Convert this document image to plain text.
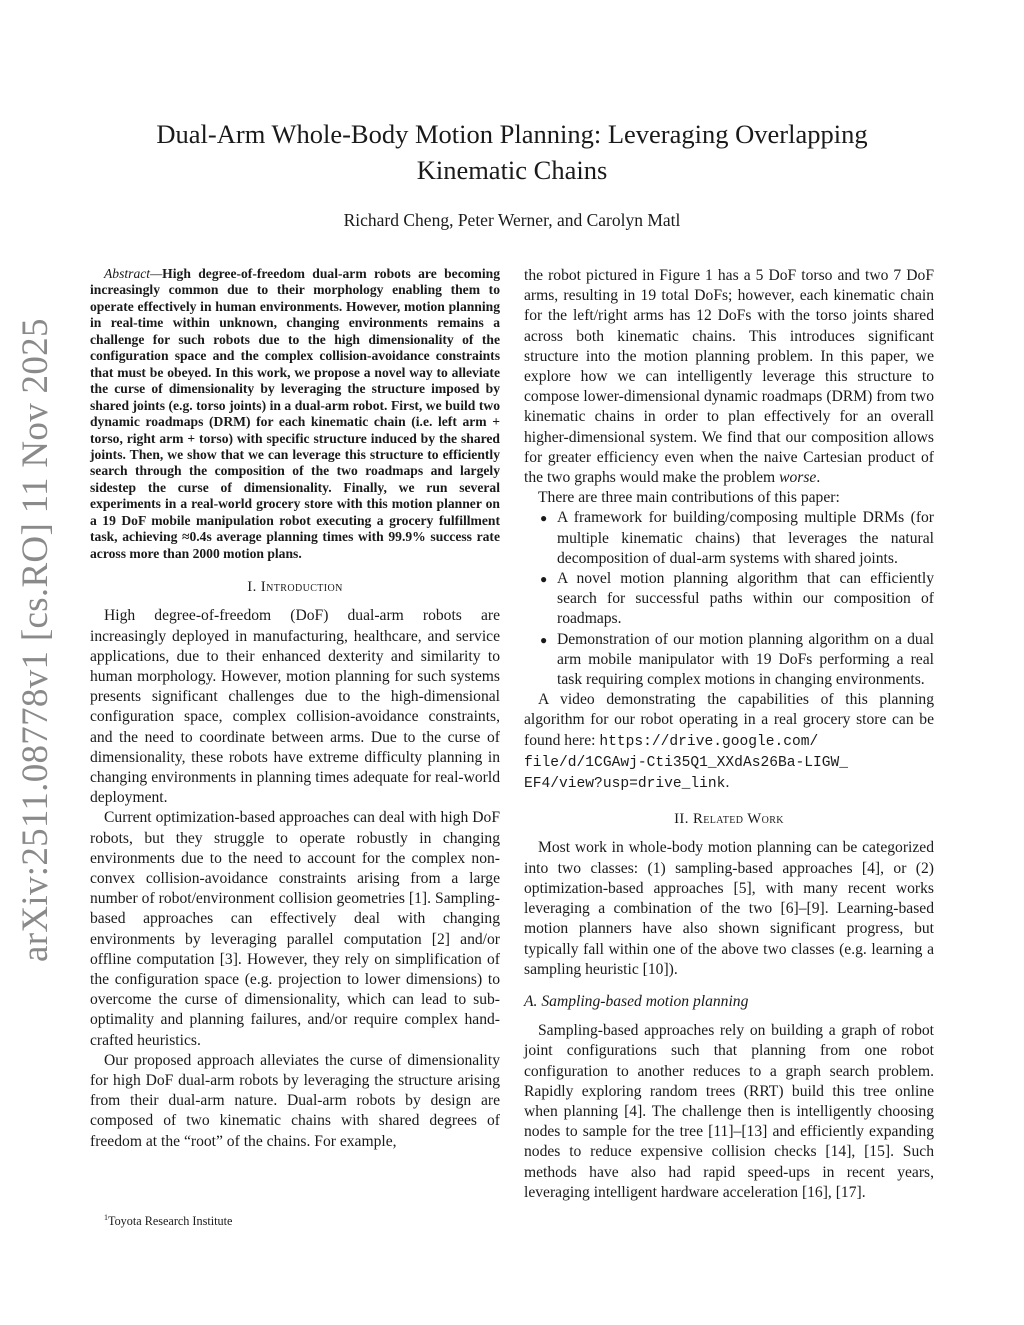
arXiv:2511.08778v1 [cs.RO] 11 Nov 2025
Dual-Arm Whole-Body Motion Planning: Leveraging Overlapping
Kinematic Chains
Richard Cheng, Peter Werner, and Carolyn Matl

Abstract—High degree-of-freedom dual-arm robots are becoming increasingly common due to their morphology enabling them to operate effectively in human environments. However, motion planning in real-time within unknown, changing environments remains a challenge for such robots due to the high dimensionality of the configuration space and the complex collision-avoidance constraints that must be obeyed. In this work, we propose a novel way to alleviate the curse of dimensionality by leveraging the structure imposed by shared joints (e.g. torso joints) in a dual-arm robot. First, we build two dynamic roadmaps (DRM) for each kinematic chain (i.e. left arm + torso, right arm + torso) with specific structure induced by the shared joints. Then, we show that we can leverage this structure to efficiently search through the composition of the two roadmaps and largely sidestep the curse of dimensionality. Finally, we run several experiments in a real-world grocery store with this motion planner on a 19 DoF mobile manipulation robot executing a grocery fulfillment task, achieving ≈0.4s average planning times with 99.9% success rate across more than 2000 motion plans.

I. Introduction

High degree-of-freedom (DoF) dual-arm robots are increasingly deployed in manufacturing, healthcare, and service applications, due to their enhanced dexterity and similarity to human morphology. However, motion planning for such systems presents significant challenges due to the high-dimensional configuration space, complex collision-avoidance constraints, and the need to coordinate between arms. Due to the curse of dimensionality, these robots have extreme difficulty planning in changing environments in planning times adequate for real-world deployment.

Current optimization-based approaches can deal with high DoF robots, but they struggle to operate robustly in changing environments due to the need to account for the complex non-convex collision-avoidance constraints arising from a large number of robot/environment collision geometries [1]. Sampling-based approaches can effectively deal with changing environments by leveraging parallel computation [2] and/or offline computation [3]. However, they rely on simplification of the configuration space (e.g. projection to lower dimensions) to overcome the curse of dimensionality, which can lead to sub-optimality and planning failures, and/or require complex hand-crafted heuristics.

Our proposed approach alleviates the curse of dimensionality for high DoF dual-arm robots by leveraging the structure arising from their dual-arm nature. Dual-arm robots by design are composed of two kinematic chains with shared degrees of freedom at the “root” of the chains. For example,

the robot pictured in Figure 1 has a 5 DoF torso and two 7 DoF arms, resulting in 19 total DoFs; however, each kinematic chain for the left/right arms has 12 DoFs with the torso joints shared across both kinematic chains. This introduces significant structure into the motion planning problem. In this paper, we explore how we can intelligently leverage this structure to compose lower-dimensional dynamic roadmaps (DRM) from two kinematic chains in order to plan effectively for an overall higher-dimensional system. We find that our composition allows for greater efficiency even when the naive Cartesian product of the two graphs would make the problem worse.

There are three main contributions of this paper:

● A framework for building/composing multiple DRMs (for multiple kinematic chains) that leverages the natural decomposition of dual-arm systems with shared joints.
● A novel motion planning algorithm that can efficiently search for successful paths within our composition of roadmaps.
● Demonstration of our motion planning algorithm on a dual arm mobile manipulator with 19 DoFs performing a real task requiring complex motions in changing environments.

A video demonstrating the capabilities of this planning algorithm for our robot operating in a real grocery store can be found here: https://drive.google.com/
file/d/1CGAwj-Cti35Q1_XXdAs26Ba-LIGW_
EF4/view?usp=drive_link.

II. Related Work

Most work in whole-body motion planning can be categorized into two classes: (1) sampling-based approaches [4], or (2) optimization-based approaches [5], with many recent works leveraging a combination of the two [6]–[9]. Learning-based motion planners have also shown significant progress, but typically fall within one of the above two classes (e.g. learning a sampling heuristic [10]).

A. Sampling-based motion planning

Sampling-based approaches rely on building a graph of robot joint configurations such that planning from one robot configuration to another reduces to a graph search problem. Rapidly exploring random trees (RRT) build this tree online when planning [4]. The challenge then is intelligently choosing nodes to sample for the tree [11]–[13] and efficiently expanding nodes to reduce expensive collision checks [14], [15]. Such methods have also had rapid speed-ups in recent years, leveraging intelligent hardware acceleration [16], [17].

$^1$Toyota Research Institute
